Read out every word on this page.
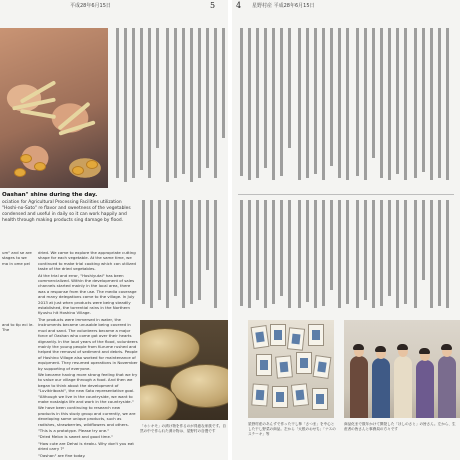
平成28年6月15日	5
Oashan" shine during the day.
ociation for Agricultural Processing Facilities utilization "Hoshi-no-Sato" re flavor and sweetness of the vegetables condensed and useful in daily so it can work happily and health through making products sing damage by flood.

um" and se are stages to we ma in ome pel

and to tip eci le. The

dried. We came to explore the appropriate cutting shape for each vegetable. At the same time, we continued to make trial cooking which can utilized taste of the dried vegetables.

At the trial and error, "Hoshiyutai" has been commercialized. Within the development of sales channels started mainly in the local area, there was a response from the use. The media coverage and many delegations came to the village. In July 2013 at just when products were being steadily established, the torrential rains in the Northern Kyushu hit Hoshino Village.

The products were immersed in water, the instruments became unusable being covered in mud and sand. The volunteers became a major force of Oashan who come got over their hearts dignantly. In the loud years of the flood, volunteers mainly the young people from Kurume rushed and helped the removal of sediment and debris. People of Hoshino Village also worked for maintenance of equipment. They resumed operations in November by supporting of everyone.

We became having more strong feeling that we try to value our village through a food. And then we began to think about the development of "Luvikiriboshi", the new Sato representative goal. "Although we live in the countryside, we want to make nostalgia life and work in the countryside."

We have been continuing to research new products in this study group and currently, we are developing some unique products, such as radishes, strawberries, wildflowers and others.

"This is a prototype. Please try one."

"Dried Melon is sweet and good time."

"How cute are Dehai is rieaku. Why don't you eat dried carry ?"

"Oashan" are fine today.

「ホシキモ」の漬け物を作るのが得意な家族です。自然の中で作られた漬け物は、星野村の自慢です
4 星野村産 平成28年6月15日
星野村産のあんずで作った干し柿「さつま」を中心とした干し野菜の商品。左から「大根のおせち」「ナスのステーキ」等
商品化まで数年かけて開発した「ほしのさと」の皆さん。左から、生産者の皆さんと事務局の方々です
